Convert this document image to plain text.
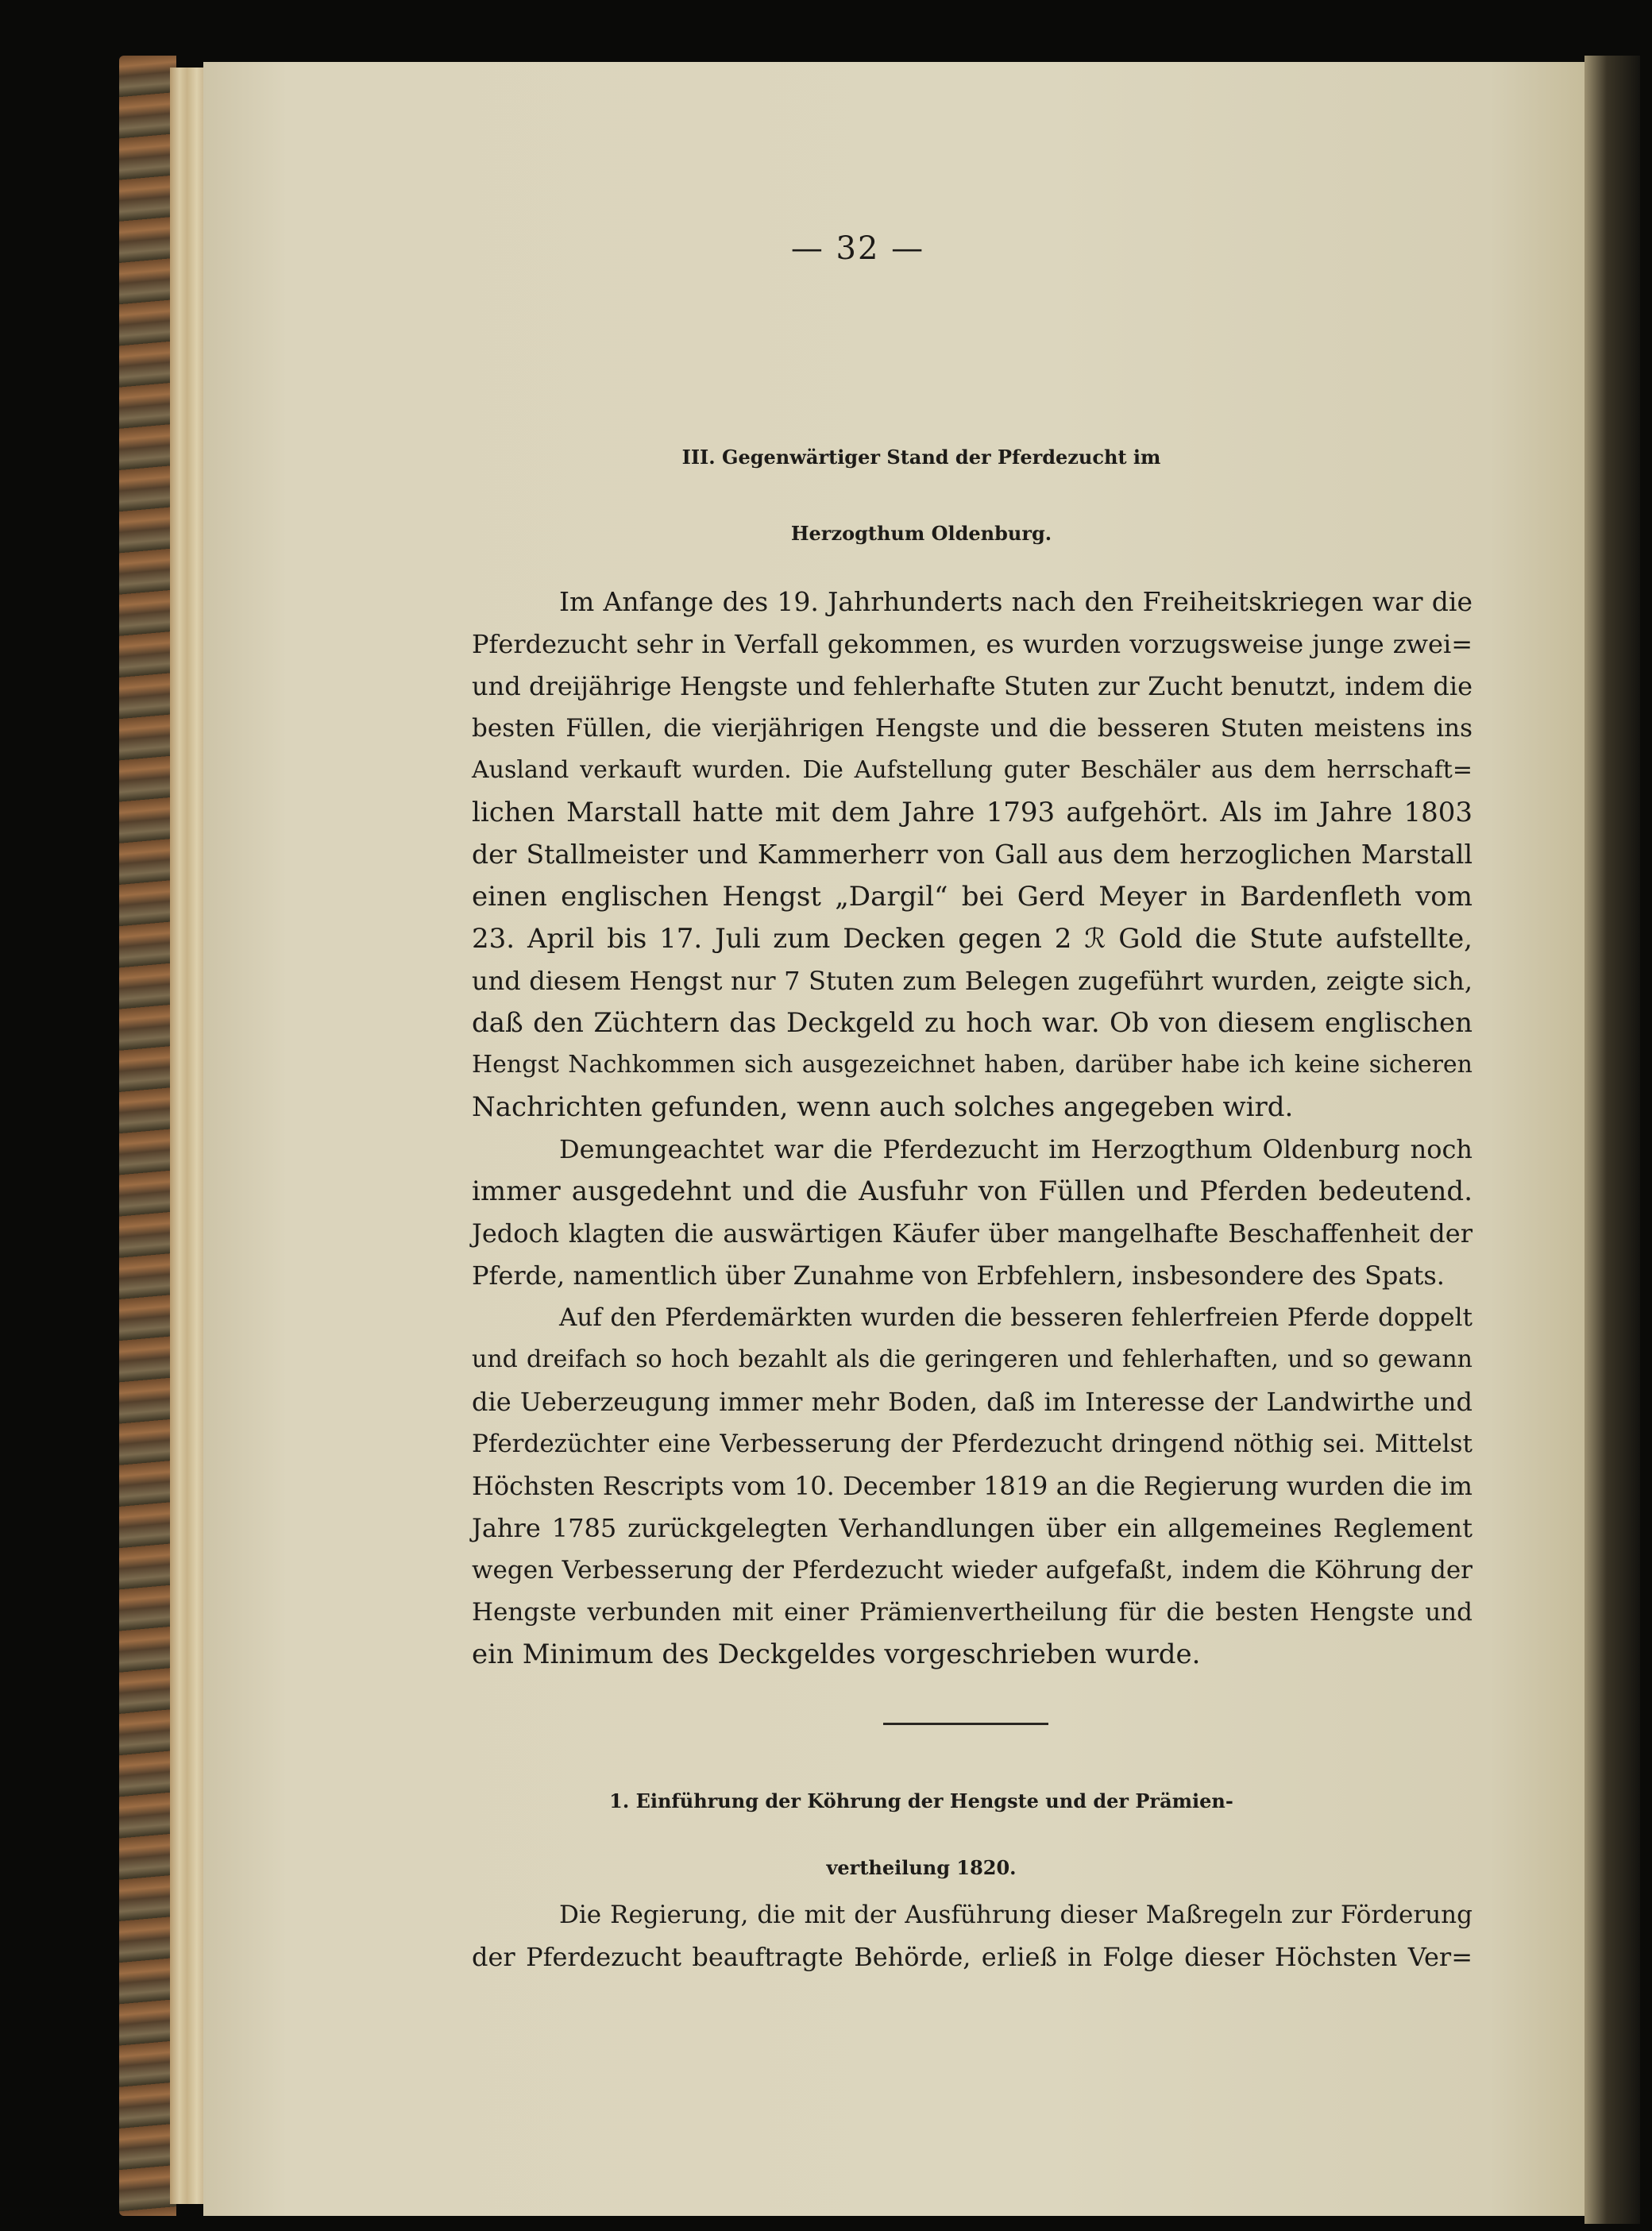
— 32 —
III. Gegenwärtiger Stand der Pferdezucht im
Herzogthum Oldenburg.
Im Anfange des 19. Jahrhunderts nach den Freiheitskriegen war die
Pferdezucht sehr in Verfall gekommen, es wurden vorzugsweise junge zwei=
und dreijährige Hengste und fehlerhafte Stuten zur Zucht benutzt, indem die
besten Füllen, die vierjährigen Hengste und die besseren Stuten meistens ins
Ausland verkauft wurden. Die Aufstellung guter Beschäler aus dem herrschaft=
lichen Marstall hatte mit dem Jahre 1793 aufgehört. Als im Jahre 1803
der Stallmeister und Kammerherr von Gall aus dem herzoglichen Marstall
einen englischen Hengst „Dargil“ bei Gerd Meyer in Bardenfleth vom
23. April bis 17. Juli zum Decken gegen 2 ℛ Gold die Stute aufstellte,
und diesem Hengst nur 7 Stuten zum Belegen zugeführt wurden, zeigte sich,
daß den Züchtern das Deckgeld zu hoch war. Ob von diesem englischen
Hengst Nachkommen sich ausgezeichnet haben, darüber habe ich keine sicheren
Nachrichten gefunden, wenn auch solches angegeben wird.
Demungeachtet war die Pferdezucht im Herzogthum Oldenburg noch
immer ausgedehnt und die Ausfuhr von Füllen und Pferden bedeutend.
Jedoch klagten die auswärtigen Käufer über mangelhafte Beschaffenheit der
Pferde, namentlich über Zunahme von Erbfehlern, insbesondere des Spats.
Auf den Pferdemärkten wurden die besseren fehlerfreien Pferde doppelt
und dreifach so hoch bezahlt als die geringeren und fehlerhaften, und so gewann
die Ueberzeugung immer mehr Boden, daß im Interesse der Landwirthe und
Pferdezüchter eine Verbesserung der Pferdezucht dringend nöthig sei. Mittelst
Höchsten Rescripts vom 10. December 1819 an die Regierung wurden die im
Jahre 1785 zurückgelegten Verhandlungen über ein allgemeines Reglement
wegen Verbesserung der Pferdezucht wieder aufgefaßt, indem die Köhrung der
Hengste verbunden mit einer Prämienvertheilung für die besten Hengste und
ein Minimum des Deckgeldes vorgeschrieben wurde.
1. Einführung der Köhrung der Hengste und der Prämien-
vertheilung 1820.
Die Regierung, die mit der Ausführung dieser Maßregeln zur Förderung
der Pferdezucht beauftragte Behörde, erließ in Folge dieser Höchsten Ver=
